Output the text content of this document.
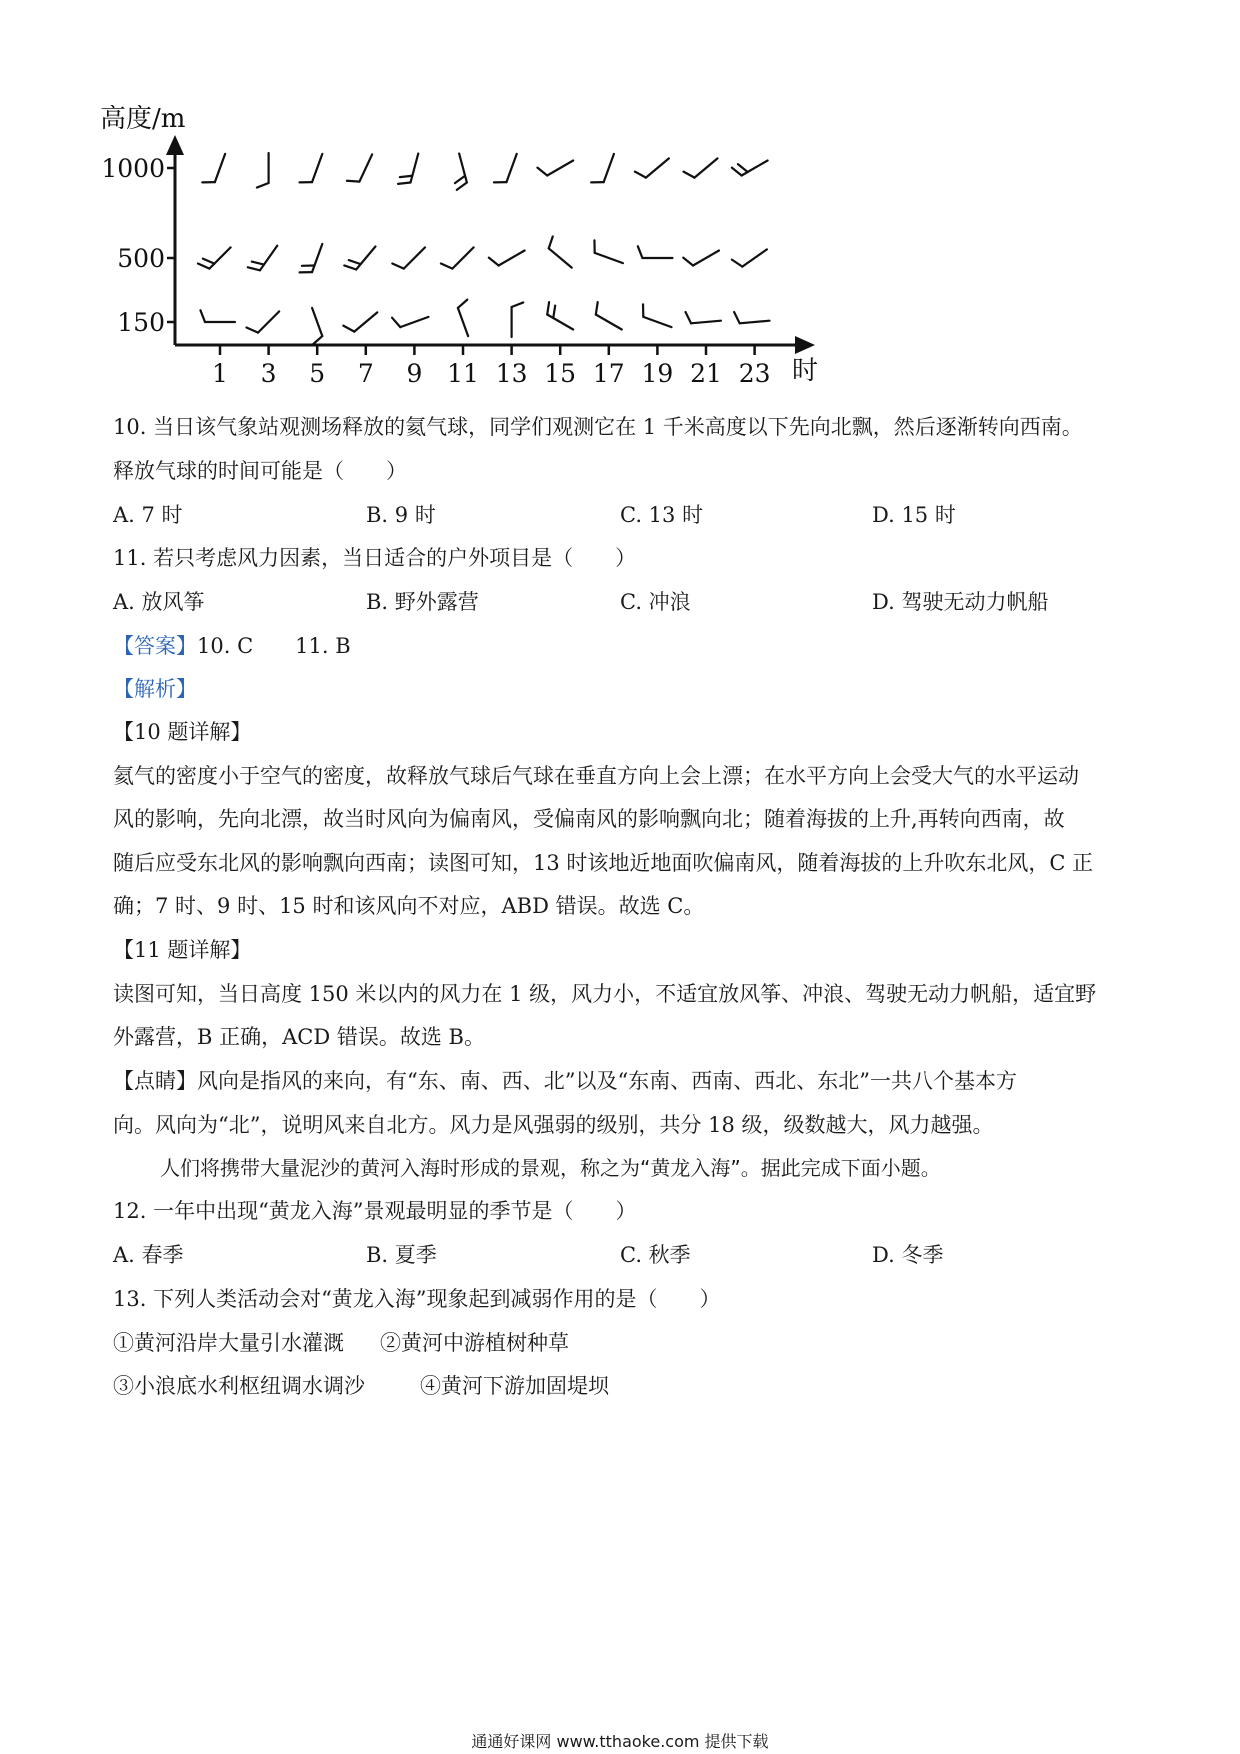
1000
500
150
1 3 5 7 9 11 13 15 17 19 21 23
高度/m
时
10. 当日该气象站观测场释放的氦气球，同学们观测它在 1 千米高度以下先向北飘，然后逐渐转向西南。
释放气球的时间可能是（　　）
A. 7 时	B. 9 时	C. 13 时	D. 15 时
11. 若只考虑风力因素，当日适合的户外项目是（　　）
A. 放风筝	B. 野外露营	C. 冲浪	D. 驾驶无动力帆船
【答案】10. C　　11. B
【解析】
【10 题详解】
氦气的密度小于空气的密度，故释放气球后气球在垂直方向上会上漂；在水平方向上会受大气的水平运动
风的影响，先向北漂，故当时风向为偏南风，受偏南风的影响飘向北；随着海拔的上升,再转向西南，故
随后应受东北风的影响飘向西南；读图可知，13 时该地近地面吹偏南风，随着海拔的上升吹东北风，C 正
确；7 时、9 时、15 时和该风向不对应，ABD 错误。故选 C。
【11 题详解】
读图可知，当日高度 150 米以内的风力在 1 级，风力小，不适宜放风筝、冲浪、驾驶无动力帆船，适宜野
外露营，B 正确，ACD 错误。故选 B。
【点睛】风向是指风的来向，有“东、南、西、北”以及“东南、西南、西北、东北”一共八个基本方
向。风向为“北”，说明风来自北方。风力是风强弱的级别，共分 18 级，级数越大，风力越强。
人们将携带大量泥沙的黄河入海时形成的景观，称之为“黄龙入海”。据此完成下面小题。
12. 一年中出现“黄龙入海”景观最明显的季节是（　　）
A. 春季	B. 夏季	C. 秋季	D. 冬季
13. 下列人类活动会对“黄龙入海”现象起到减弱作用的是（　　）
①黄河沿岸大量引水灌溉 ②黄河中游植树种草
③小浪底水利枢纽调水调沙	④黄河下游加固堤坝
通通好课网 www.tthaoke.com 提供下载
